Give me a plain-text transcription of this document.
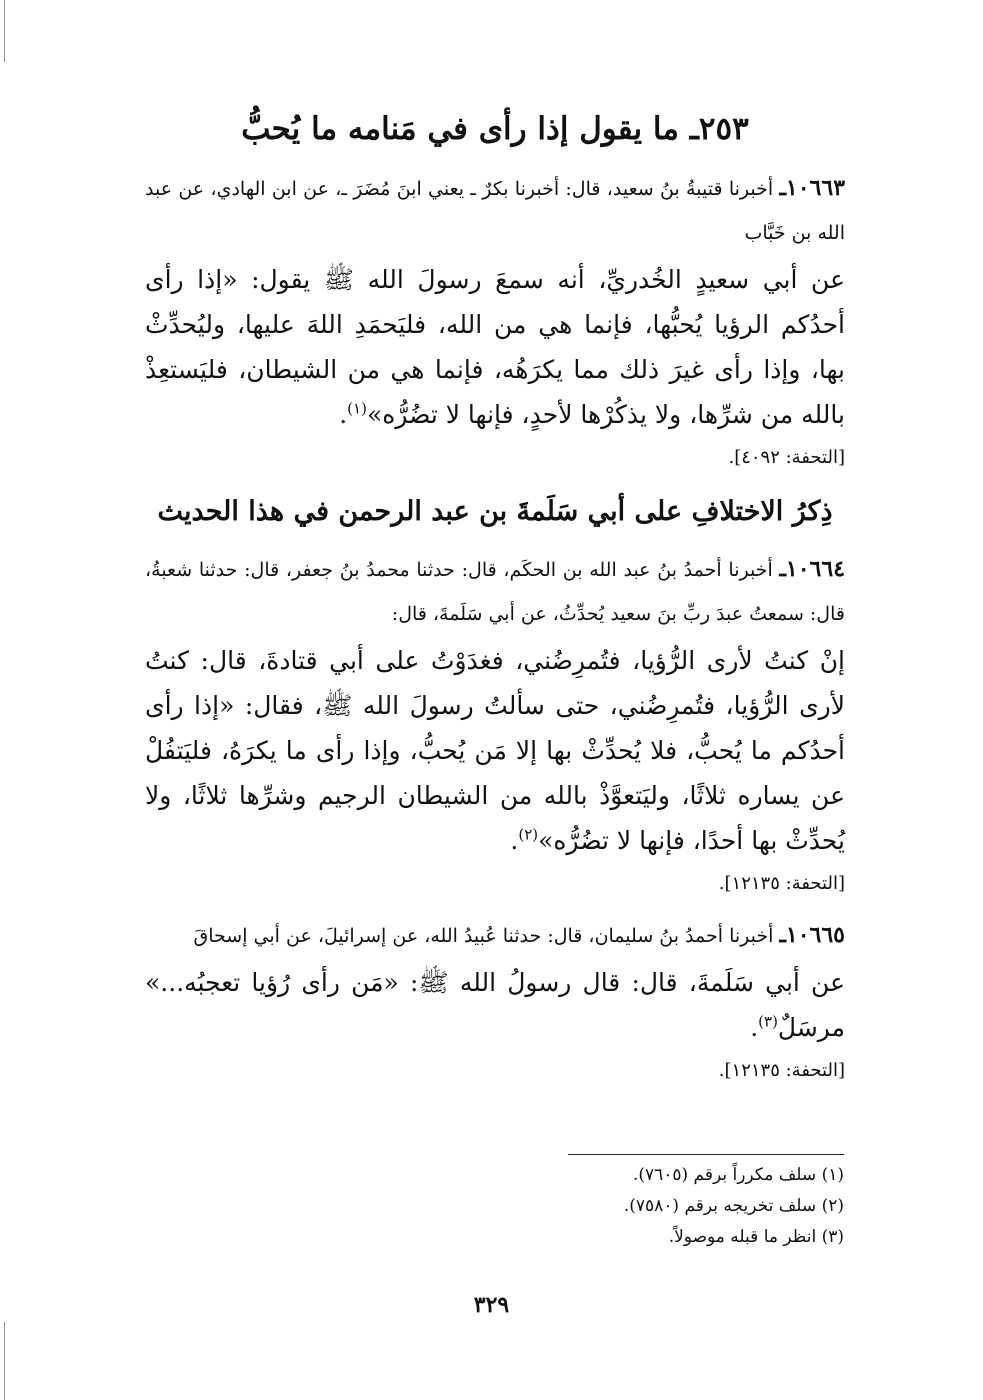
٢٥٣ـ ما يقول إذا رأى في مَنامه ما يُحبُّ

١٠٦٦٣ـ أخبرنا قتيبةُ بنُ سعيد، قال: أخبرنا بكرٌ ـ يعني ابنَ مُضَرَ ـ، عن ابن الهادي، عن عبد الله بن خَبَّاب

عن أبي سعيدٍ الخُدريِّ، أنه سمعَ رسولَ الله ﷺ يقول: «إذا رأى أحدُكم الرؤيا يُحبُّها، فإنما هي من الله، فليَحمَدِ اللهَ عليها، وليُحدِّثْ بها، وإذا رأى غيرَ ذلك مما يكرَهُه، فإنما هي من الشيطان، فليَستعِذْ بالله من شرِّها، ولا يذكُرْها لأحدٍ، فإنها لا تضُرُّه»$^{(١)}$.

[التحفة: ٤٠٩٢].

ذِكرُ الاختلافِ على أبي سَلَمةَ بن عبد الرحمن في هذا الحديث

١٠٦٦٤ـ أخبرنا أحمدُ بنُ عبد الله بن الحكَم، قال: حدثنا محمدُ بنُ جعفر، قال: حدثنا شعبةُ، قال: سمعتُ عبدَ ربِّ بنَ سعيد يُحدِّثُ، عن أبي سَلَمةَ، قال:

إنْ كنتُ لأرى الرُّؤيا، فتُمرِضُني، فغدَوْتُ على أبي قتادةَ، قال: كنتُ لأرى الرُّؤيا، فتُمرِضُني، حتى سألتُ رسولَ الله ﷺ، فقال: «إذا رأى أحدُكم ما يُحبُّ، فلا يُحدِّثْ بها إلا مَن يُحبُّ، وإذا رأى ما يكرَهُ، فليَتفُلْ عن يساره ثلاثًا، وليَتعوَّذْ بالله من الشيطان الرجيم وشرِّها ثلاثًا، ولا يُحدِّثْ بها أحدًا، فإنها لا تضُرُّه»$^{(٢)}$.

[التحفة: ١٢١٣٥].

١٠٦٦٥ـ أخبرنا أحمدُ بنُ سليمان، قال: حدثنا عُبيدُ الله، عن إسرائيلَ، عن أبي إسحاقَ

عن أبي سَلَمةَ، قال: قال رسولُ الله ﷺ: «مَن رأى رُؤيا تعجبُه...» مرسَلٌ$^{(٣)}$.

[التحفة: ١٢١٣٥].

(١) سلف مكرراً برقم (٧٦٠٥).

(٢) سلف تخريجه برقم (٧٥٨٠).

(٣) انظر ما قبله موصولاً.

٣٢٩
